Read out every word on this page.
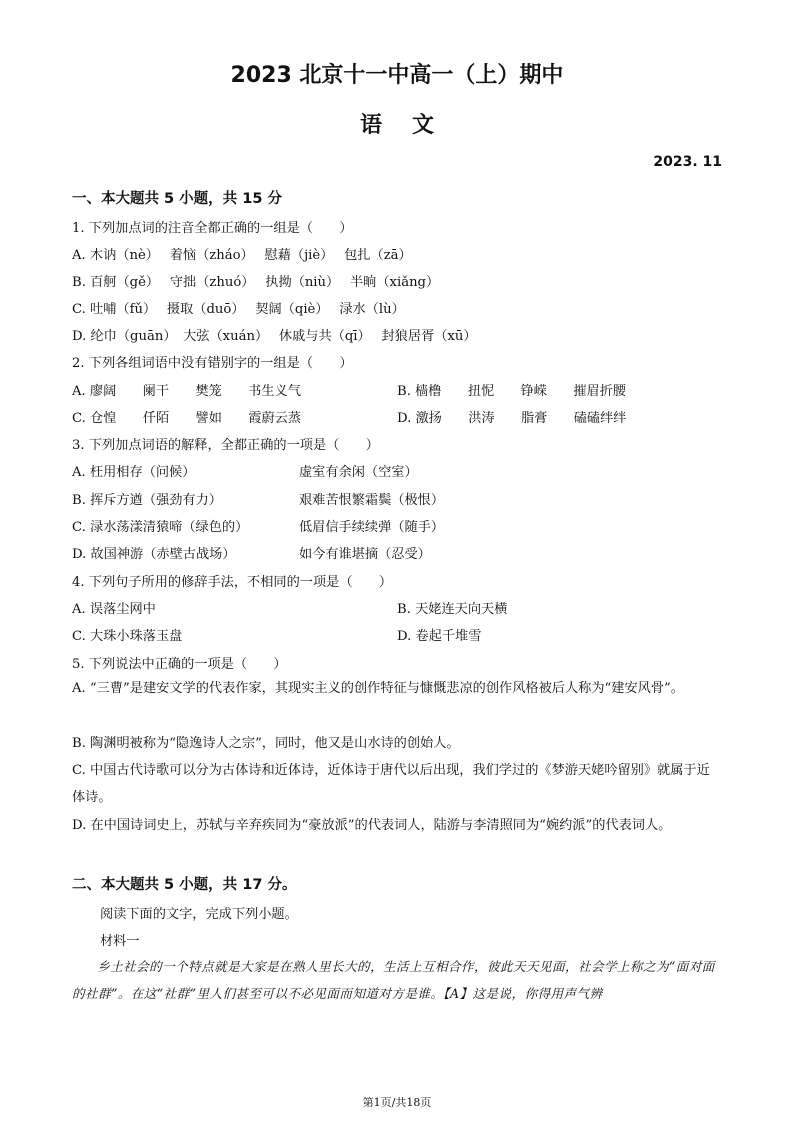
2023 北京十一中高一（上）期中
语文
2023. 11
一、本大题共 5 小题，共 15 分
1. 下列加点词的注音全都正确的一组是（　　）
A. 木讷（nè）　 着恼（zháo）　 慰藉（jiè）　 包扎（zā）
B. 百舸（gě）　 守拙（zhuó）　 执拗（niù）　 半晌（xiǎng）
C. 吐哺（fǔ）　 摄取（duō）　 契阔（qiè）　 渌水（lù）
D. 纶巾（guān）　大弦（xuán）　 休戚与共（qī）　 封狼居胥（xū）
2. 下列各组词语中没有错别字的一组是（　　）
A. 廖阔　　阑干　　樊笼　　书生义气	B. 樯橹　　扭怩　　铮嵘　　摧眉折腰
C. 仓惶　　仟陌　　譬如　　霞蔚云蒸	D. 激扬　　洪涛　　脂膏　　磕磕绊绊
3. 下列加点词语的解释，全都正确的一项是（　　）
A. 枉用相存（问候）	虚室有余闲（空室）
B. 挥斥方遒（强劲有力）	艰难苦恨繁霜鬓（极恨）
C. 渌水荡漾清猿啼（绿色的）	低眉信手续续弹（随手）
D. 故国神游（赤壁古战场）	如今有谁堪摘（忍受）
4. 下列句子所用的修辞手法，不相同的一项是（　　）
A. 误落尘网中	B. 天姥连天向天横
C. 大珠小珠落玉盘	D. 卷起千堆雪
5. 下列说法中正确的一项是（　　）
A. “三曹”是建安文学的代表作家，其现实主义的创作特征与慷慨悲凉的创作风格被后人称为“建安风骨”。
B. 陶渊明被称为“隐逸诗人之宗”，同时，他又是山水诗的创始人。
C. 中国古代诗歌可以分为古体诗和近体诗，近体诗于唐代以后出现，我们学过的《梦游天姥吟留别》就属于近体诗。
D. 在中国诗词史上，苏轼与辛弃疾同为“豪放派”的代表词人，陆游与李清照同为“婉约派”的代表词人。
二、本大题共 5 小题，共 17 分。
阅读下面的文字，完成下列小题。
材料一
乡土社会的一个特点就是大家是在熟人里长大的，生活上互相合作，彼此天天见面，社会学上称之为“面对面的社群”。在这“社群”里人们甚至可以不必见面而知道对方是谁。【A】这是说，你得用声气辨
第1页/共18页
